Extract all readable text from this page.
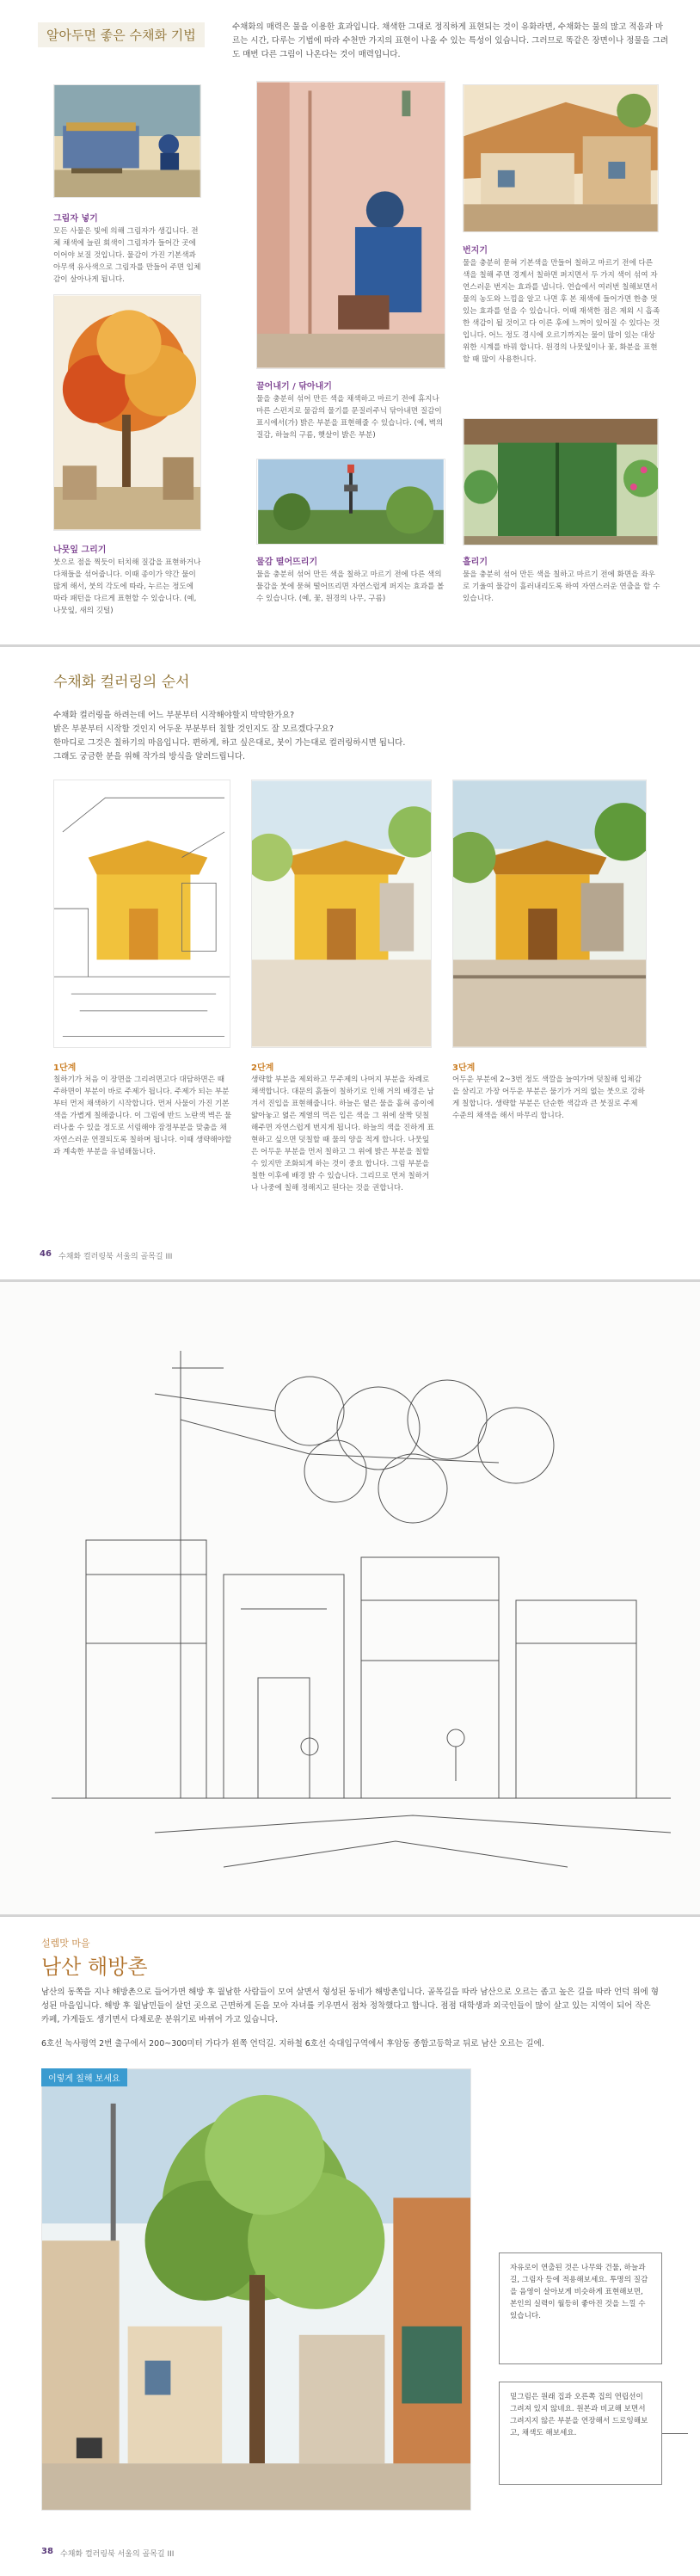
알아두면 좋은 수채화 기법
수채화의 매력은 물을 이용한 효과입니다. 채색한 그대로 정직하게 표현되는 것이 유화라면, 수채화는 물의 많고 적음과 마르는 시간, 다루는 기법에 따라 수천만 가지의 표현이 나올 수 있는 특성이 있습니다. 그러므로 똑같은 장면이나 정물을 그려도 매번 다른 그림이 나온다는 것이 매력입니다.
그림자 넣기
모든 사물은 빛에 의해 그림자가 생깁니다. 전체 채색에 늘린 회색이 그림자가 들어간 곳에 이어야 보질 것입니다. 물감이 가진 기본색과 아무색 유사색으로 그림자를 만들어 주면 입체감이 살아나게 됩니다.
나뭇잎 그리기
붓으로 점을 찍듯이 터치해 질감을 표현하거나 다채들을 섞어줍니다. 이때 종이가 약간 물이 많게 해서, 붓의 각도에 따라, 누르는 정도에 따라 패턴을 다르게 표현할 수 있습니다. (예, 나뭇잎, 새의 깃털)
끌어내기 / 닦아내기
물을 충분히 섞어 만든 색을 채색하고 마르기 전에 휴지나 마른 스펀지로 물감의 물기를 문질러주닉 닦아내면 질감이 표시에서(가) 밝은 부분을 표현해줄 수 있습니다. (예, 벽의 질감, 하늘의 구름, 햇살이 밝은 부분)
물감 떨어뜨리기
물을 충분히 섞어 만든 색을 칠하고 마르기 전에 다른 색의 물감을 붓에 묻혀 떨어뜨리면 자연스럽게 퍼지는 효과를 볼 수 있습니다. (예, 꽃, 원경의 나무, 구름)
번지기
물을 충분히 묻혀 기본색을 만들어 칠하고 마르기 전에 다른 색을 칠해 주면 경계서 칠하면 퍼지면서 두 가지 색이 섞여 자연스러운 번지는 효과를 냅니다. 연습에서 여러번 칠해보면서 물의 농도와 느낌을 알고 나면 후 본 채색에 들어가면 한층 멋있는 효과를 얻을 수 있습니다. 이때 재색한 점은 제외 시 흡족한 색감이 될 것이고 다 이른 후에 느껴이 있어질 수 있다는 것입니다. 어느 정도 경시에 오르기까지는 물이 많이 있는 대상 위한 시계를 바꿔 합니다. 원경의 나뭇잎이나 꽃, 화분을 표현할 때 많이 사용한니다.
흘리기
물을 충분히 섞어 만든 색을 칠하고 마르기 전에 화면을 좌우로 기울여 물감이 흘러내리도록 하여 자연스러운 연출을 할 수 있습니다.
수채화 컬러링의 순서
수채화 컬러링을 하려는데 어느 부분부터 시작해야할지 막막한가요?
밝은 부분부터 시작할 것인지 어두운 부분부터 칠할 것인지도 잘 모르겠다구요?
한마디로 그것은 칠하기의 마음입니다. 편하게, 하고 싶은대로, 붓이 가는대로 컬러링하시면 됩니다.
그래도 궁금한 분을 위해 작가의 방식을 알려드립니다.
1단계
칠하기가 처음 이 장면을 그리려면고다 대담하면은 때 주하면이 부분이 바로 주제가 됩니다. 주제가 되는 부분부터 먼저 채색하기 시작합니다. 먼저 사물이 가진 기본색을 가볍게 칠해줍니다. 이 그림에 반드 노란색 벽은 물러나올 수 있을 정도로 서림해야 잠정부분을 맞춤을 채 자연스러운 연결되도록 칠하며 됩니다. 이때 생략해야할 과 계속한 부분을 유념해둡니다.
2단계
생략할 부분을 제외하고 무주제의 나머지 부분을 차례로 채색합니다. 대문의 흙들이 칠하기로 인해 거의 배경은 남겨서 진입을 표현해줍니다. 하늘은 옅은 물을 흩혀 종이에 얇아놓고 엷은 계열의 먹은 입은 색을 그 위에 살짝 덧칠해주면 자연스럽게 번지게 됩니다. 하늘의 색을 진하게 표현하고 싶으면 덧칠할 때 물의 양을 적게 합니다. 나뭇잎은 어두운 부분을 먼저 칠하고 그 위에 밝은 부분을 칠할 수 있지만 조화되게 하는 것이 중요 합니다. 그림 부분을 칠한 이후에 배경 밝 수 있습니다. 그리므로 먼저 칠하거나 나중에 칠해 정해지고 된다는 것을 권합니다.
3단계
어두운 부분에 2~3번 정도 색깔을 늘여가며 덧칠해 입체감을 살리고 가장 어두운 부분은 물기가 거의 없는 붓으로 강하게 칠합니다. 생략할 부분은 단순한 색감과 큰 붓질로 주제 수준의 채색을 해서 마무리 합니다.
46 수채화 컬러링북 서울의 골목길 III
설렘맛 마을
남산 해방촌
남산의 동쪽을 지나 해방촌으로 들어가면 해방 후 월남한 사람들이 모여 살면서 형성된 동네가 해방촌입니다. 골목길을 따라 남산으로 오르는 좁고 높은 길을 따라 언덕 위에 형성된 마을입니다. 해방 후 월남민들이 살던 곳으로 근면하게 돈을 모아 자녀를 키우면서 점차 정착했다고 합니다. 점점 대학생과 외국인들이 많이 살고 있는 지역이 되어 작은 카페, 가게들도 생기면서 다채로운 분위기로 바뀌어 가고 있습니다.
6호선 녹사평역 2번 출구에서 200~300미터 가다가 왼쪽 언덕길. 지하철 6호선 숙대입구역에서 후암동 종합고등학교 뒤로 남산 오르는 길에.
이렇게 칠해 보세요
자유로이 연출된 것은 나무와 건물, 하늘과 길, 그림자 등에 적용해보세요. 투명의 질감을 음영이 살아보게 비슷하게 표현해보면, 본인의 실력이 월등히 좋아진 것을 느낄 수 있습니다.
밑그림은 원래 집과 오른쪽 집의 연립선이 그려져 있지 않네요. 원본과 비교해 보면서 그려지지 않은 부분을 연장해서 드로잉해보고, 채색도 해보세요.
38 수채화 컬러링북 서울의 골목길 III
